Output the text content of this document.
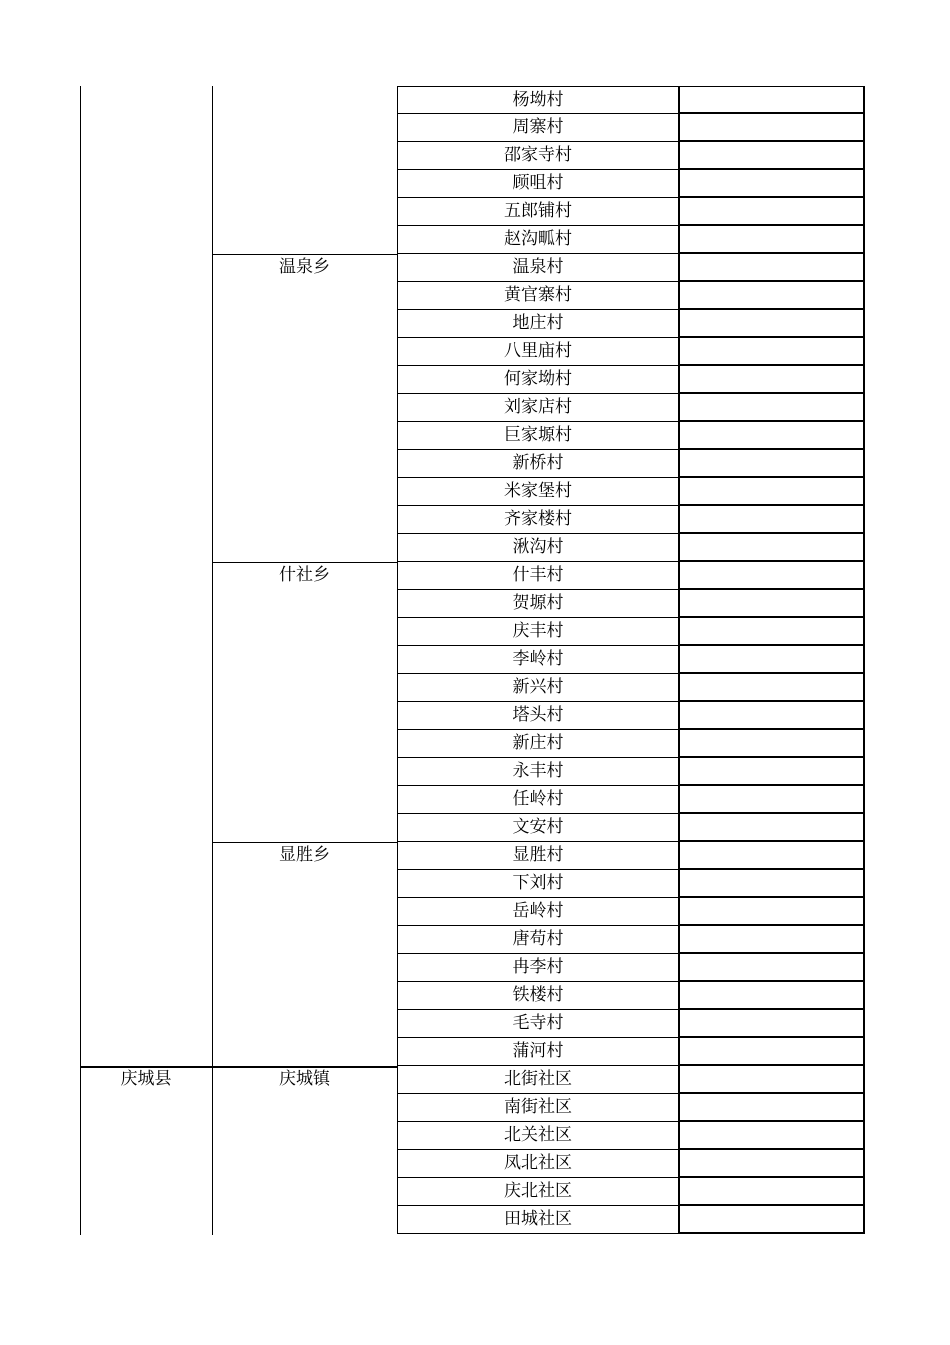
温泉乡
什社乡
显胜乡
庆城县	庆城镇
杨坳村
周寨村
邵家寺村
顾咀村
五郎铺村
赵沟畖村
温泉村
黄官寨村
地庄村
八里庙村
何家坳村
刘家店村
巨家塬村
新桥村
米家堡村
齐家楼村
湫沟村
什丰村
贺塬村
庆丰村
李岭村
新兴村
塔头村
新庄村
永丰村
任岭村
文安村
显胜村
下刘村
岳岭村
唐苟村
冉李村
铁楼村
毛寺村
蒲河村
北街社区
南街社区
北关社区
凤北社区
庆北社区
田城社区
